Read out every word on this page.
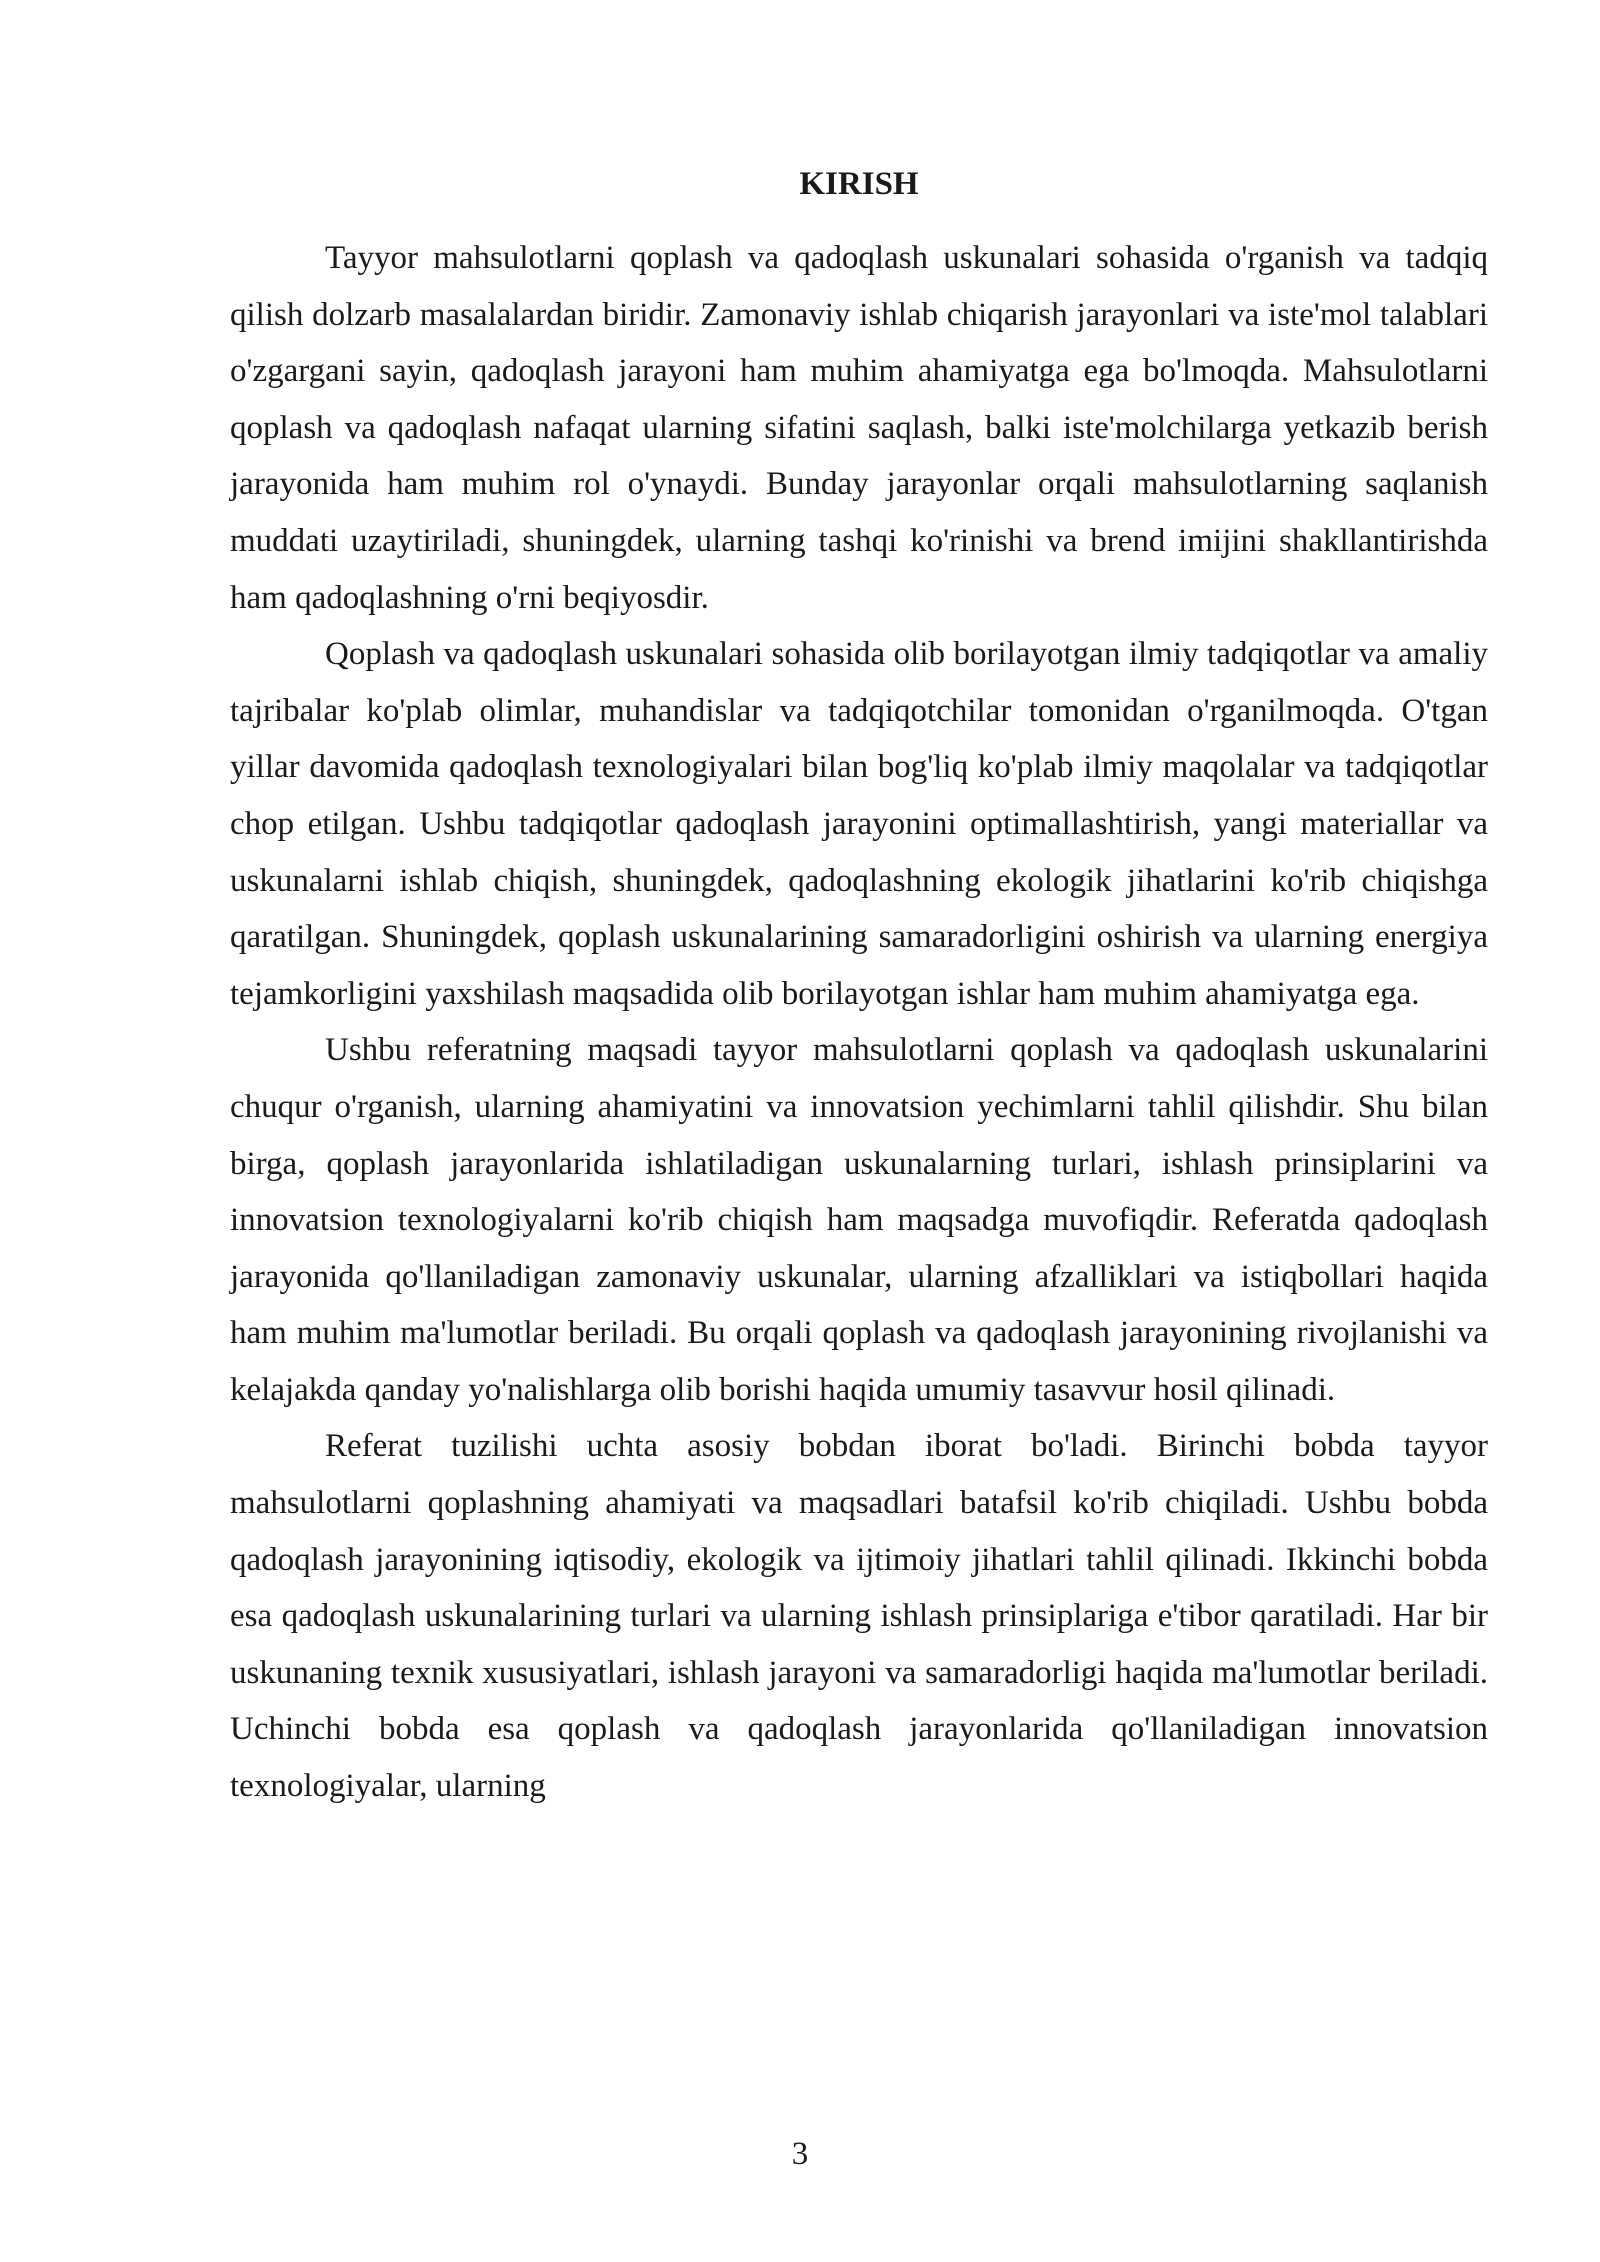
KIRISH

Tayyor mahsulotlarni qoplash va qadoqlash uskunalari sohasida o'rganish va tadqiq qilish dolzarb masalalardan biridir. Zamonaviy ishlab chiqarish jarayonlari va iste'mol talablari o'zgargani sayin, qadoqlash jarayoni ham muhim ahamiyatga ega bo'lmoqda. Mahsulotlarni qoplash va qadoqlash nafaqat ularning sifatini saqlash, balki iste'molchilarga yetkazib berish jarayonida ham muhim rol o'ynaydi. Bunday jarayonlar orqali mahsulotlarning saqlanish muddati uzaytiriladi, shuningdek, ularning tashqi ko'rinishi va brend imijini shakllantirishda ham qadoqlashning o'rni beqiyosdir.

Qoplash va qadoqlash uskunalari sohasida olib borilayotgan ilmiy tadqiqotlar va amaliy tajribalar ko'plab olimlar, muhandislar va tadqiqotchilar tomonidan o'rganilmoqda. O'tgan yillar davomida qadoqlash texnologiyalari bilan bog'liq ko'plab ilmiy maqolalar va tadqiqotlar chop etilgan. Ushbu tadqiqotlar qadoqlash jarayonini optimallashtirish, yangi materiallar va uskunalarni ishlab chiqish, shuningdek, qadoqlashning ekologik jihatlarini ko'rib chiqishga qaratilgan. Shuningdek, qoplash uskunalarining samaradorligini oshirish va ularning energiya tejamkorligini yaxshilash maqsadida olib borilayotgan ishlar ham muhim ahamiyatga ega.

Ushbu referatning maqsadi tayyor mahsulotlarni qoplash va qadoqlash uskunalarini chuqur o'rganish, ularning ahamiyatini va innovatsion yechimlarni tahlil qilishdir. Shu bilan birga, qoplash jarayonlarida ishlatiladigan uskunalarning turlari, ishlash prinsiplarini va innovatsion texnologiyalarni ko'rib chiqish ham maqsadga muvofiqdir. Referatda qadoqlash jarayonida qo'llaniladigan zamonaviy uskunalar, ularning afzalliklari va istiqbollari haqida ham muhim ma'lumotlar beriladi. Bu orqali qoplash va qadoqlash jarayonining rivojlanishi va kelajakda qanday yo'nalishlarga olib borishi haqida umumiy tasavvur hosil qilinadi.

Referat tuzilishi uchta asosiy bobdan iborat bo'ladi. Birinchi bobda tayyor mahsulotlarni qoplashning ahamiyati va maqsadlari batafsil ko'rib chiqiladi. Ushbu bobda qadoqlash jarayonining iqtisodiy, ekologik va ijtimoiy jihatlari tahlil qilinadi. Ikkinchi bobda esa qadoqlash uskunalarining turlari va ularning ishlash prinsiplariga e'tibor qaratiladi. Har bir uskunaning texnik xususiyatlari, ishlash jarayoni va samaradorligi haqida ma'lumotlar beriladi. Uchinchi bobda esa qoplash va qadoqlash jarayonlarida qo'llaniladigan innovatsion texnologiyalar, ularning

3
